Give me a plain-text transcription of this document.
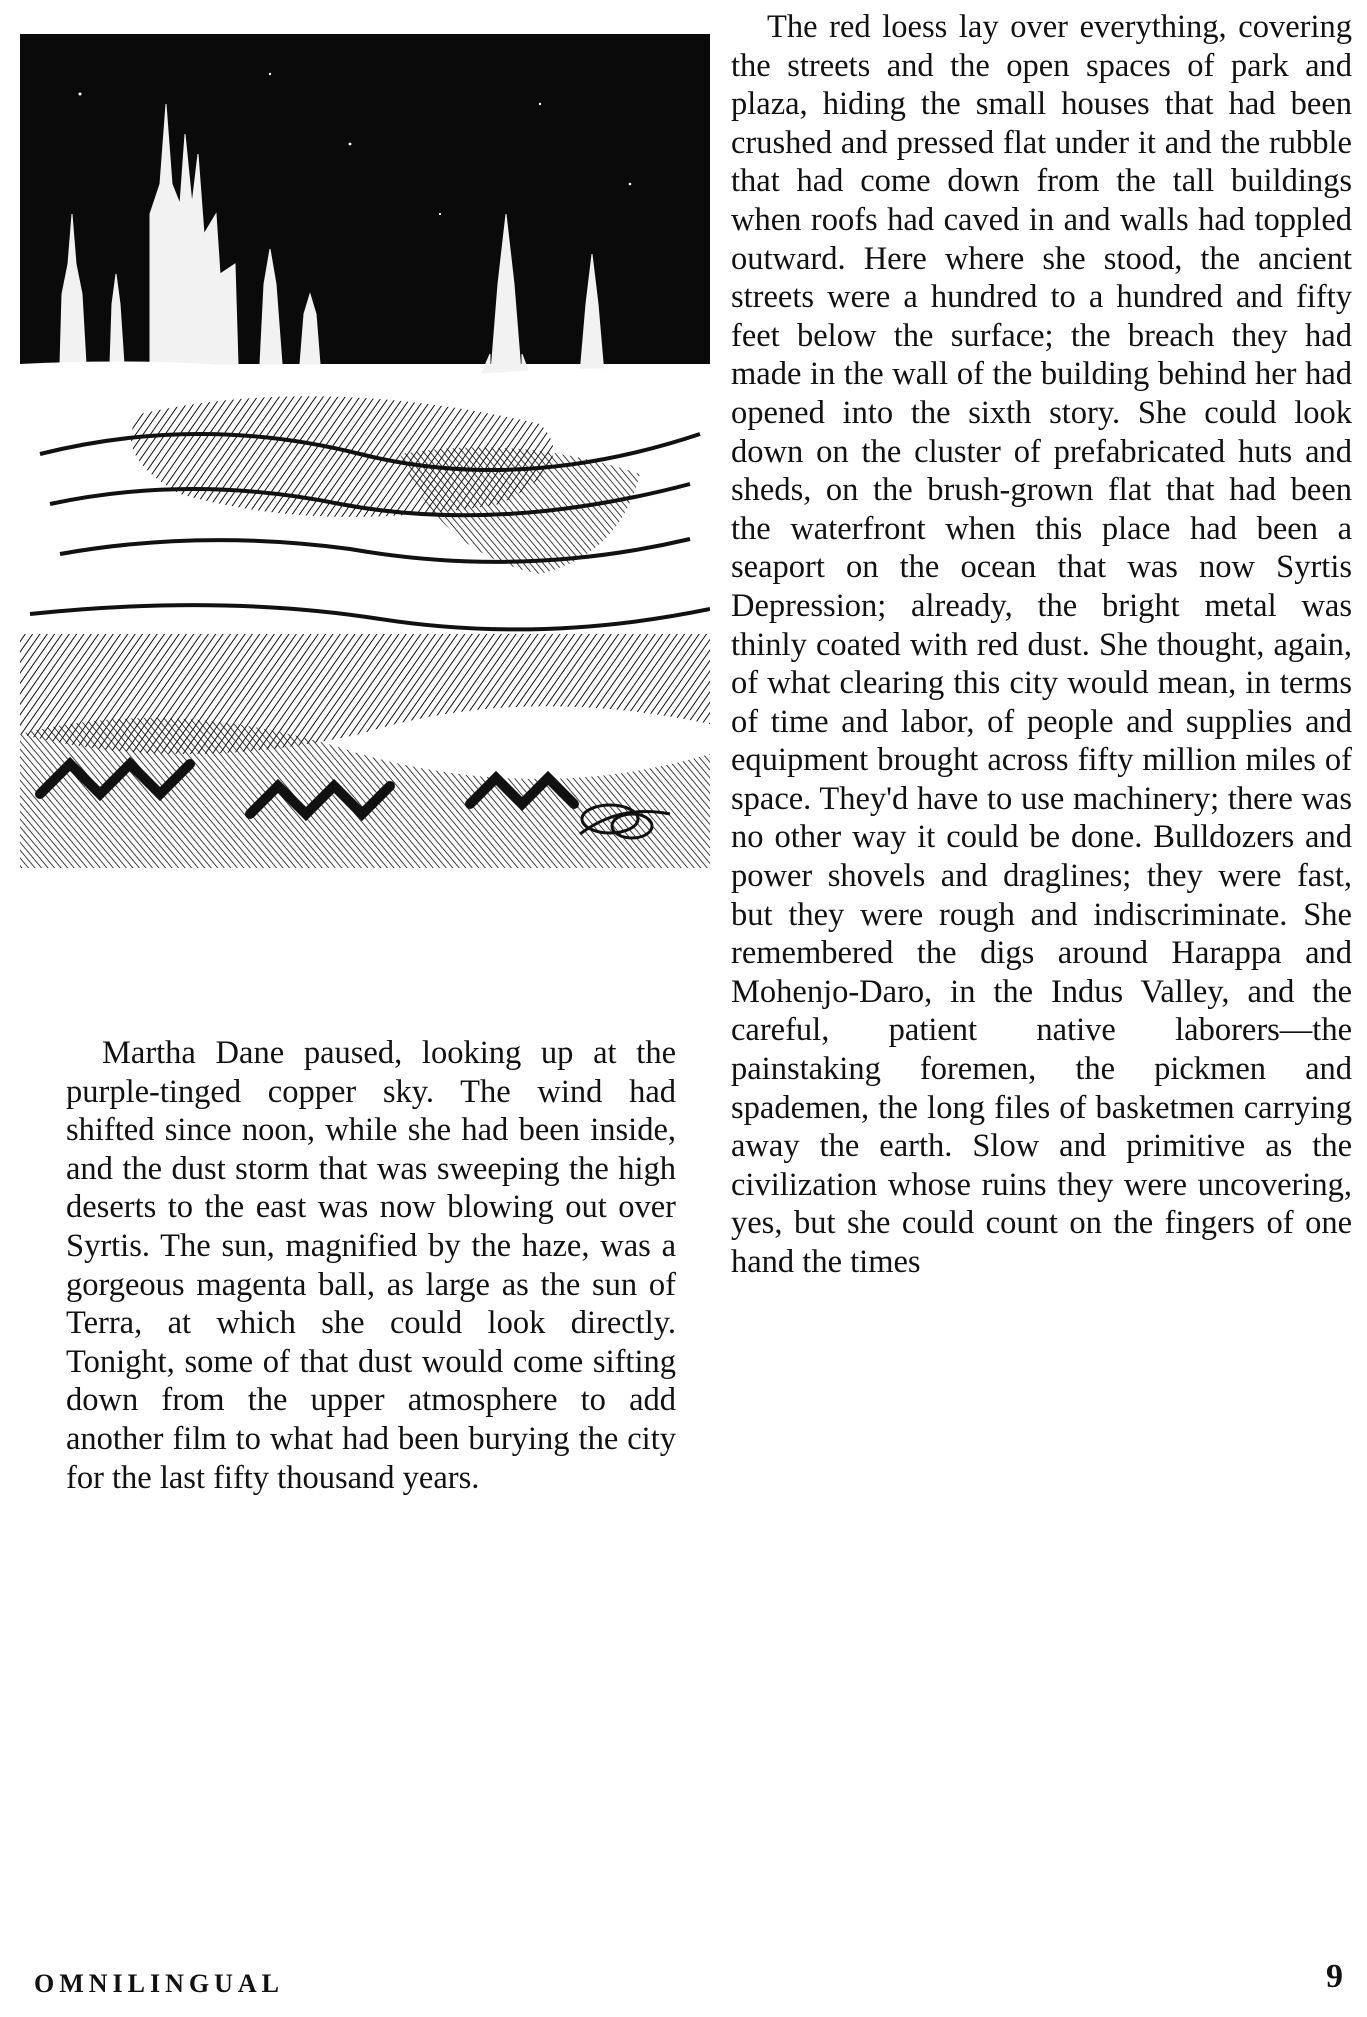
Martha Dane paused, looking up at the purple-tinged copper sky. The wind had shifted since noon, while she had been inside, and the dust storm that was sweeping the high deserts to the east was now blowing out over Syrtis. The sun, magnified by the haze, was a gorgeous magenta ball, as large as the sun of Terra, at which she could look directly. Tonight, some of that dust would come sifting down from the upper atmosphere to add another film to what had been burying the city for the last fifty thousand years.

The red loess lay over everything, covering the streets and the open spaces of park and plaza, hiding the small houses that had been crushed and pressed flat under it and the rubble that had come down from the tall buildings when roofs had caved in and walls had toppled outward. Here where she stood, the ancient streets were a hundred to a hundred and fifty feet below the surface; the breach they had made in the wall of the building behind her had opened into the sixth story. She could look down on the cluster of prefabricated huts and sheds, on the brush-grown flat that had been the waterfront when this place had been a seaport on the ocean that was now Syrtis Depression; already, the bright metal was thinly coated with red dust. She thought, again, of what clearing this city would mean, in terms of time and labor, of people and supplies and equipment brought across fifty million miles of space. They'd have to use machinery; there was no other way it could be done. Bulldozers and power shovels and draglines; they were fast, but they were rough and indiscriminate. She remembered the digs around Harappa and Mohenjo-Daro, in the Indus Valley, and the careful, patient native laborers—the painstaking foremen, the pickmen and spademen, the long files of basketmen carrying away the earth. Slow and primitive as the civilization whose ruins they were uncovering, yes, but she could count on the fingers of one hand the times

OMNILINGUAL	9
